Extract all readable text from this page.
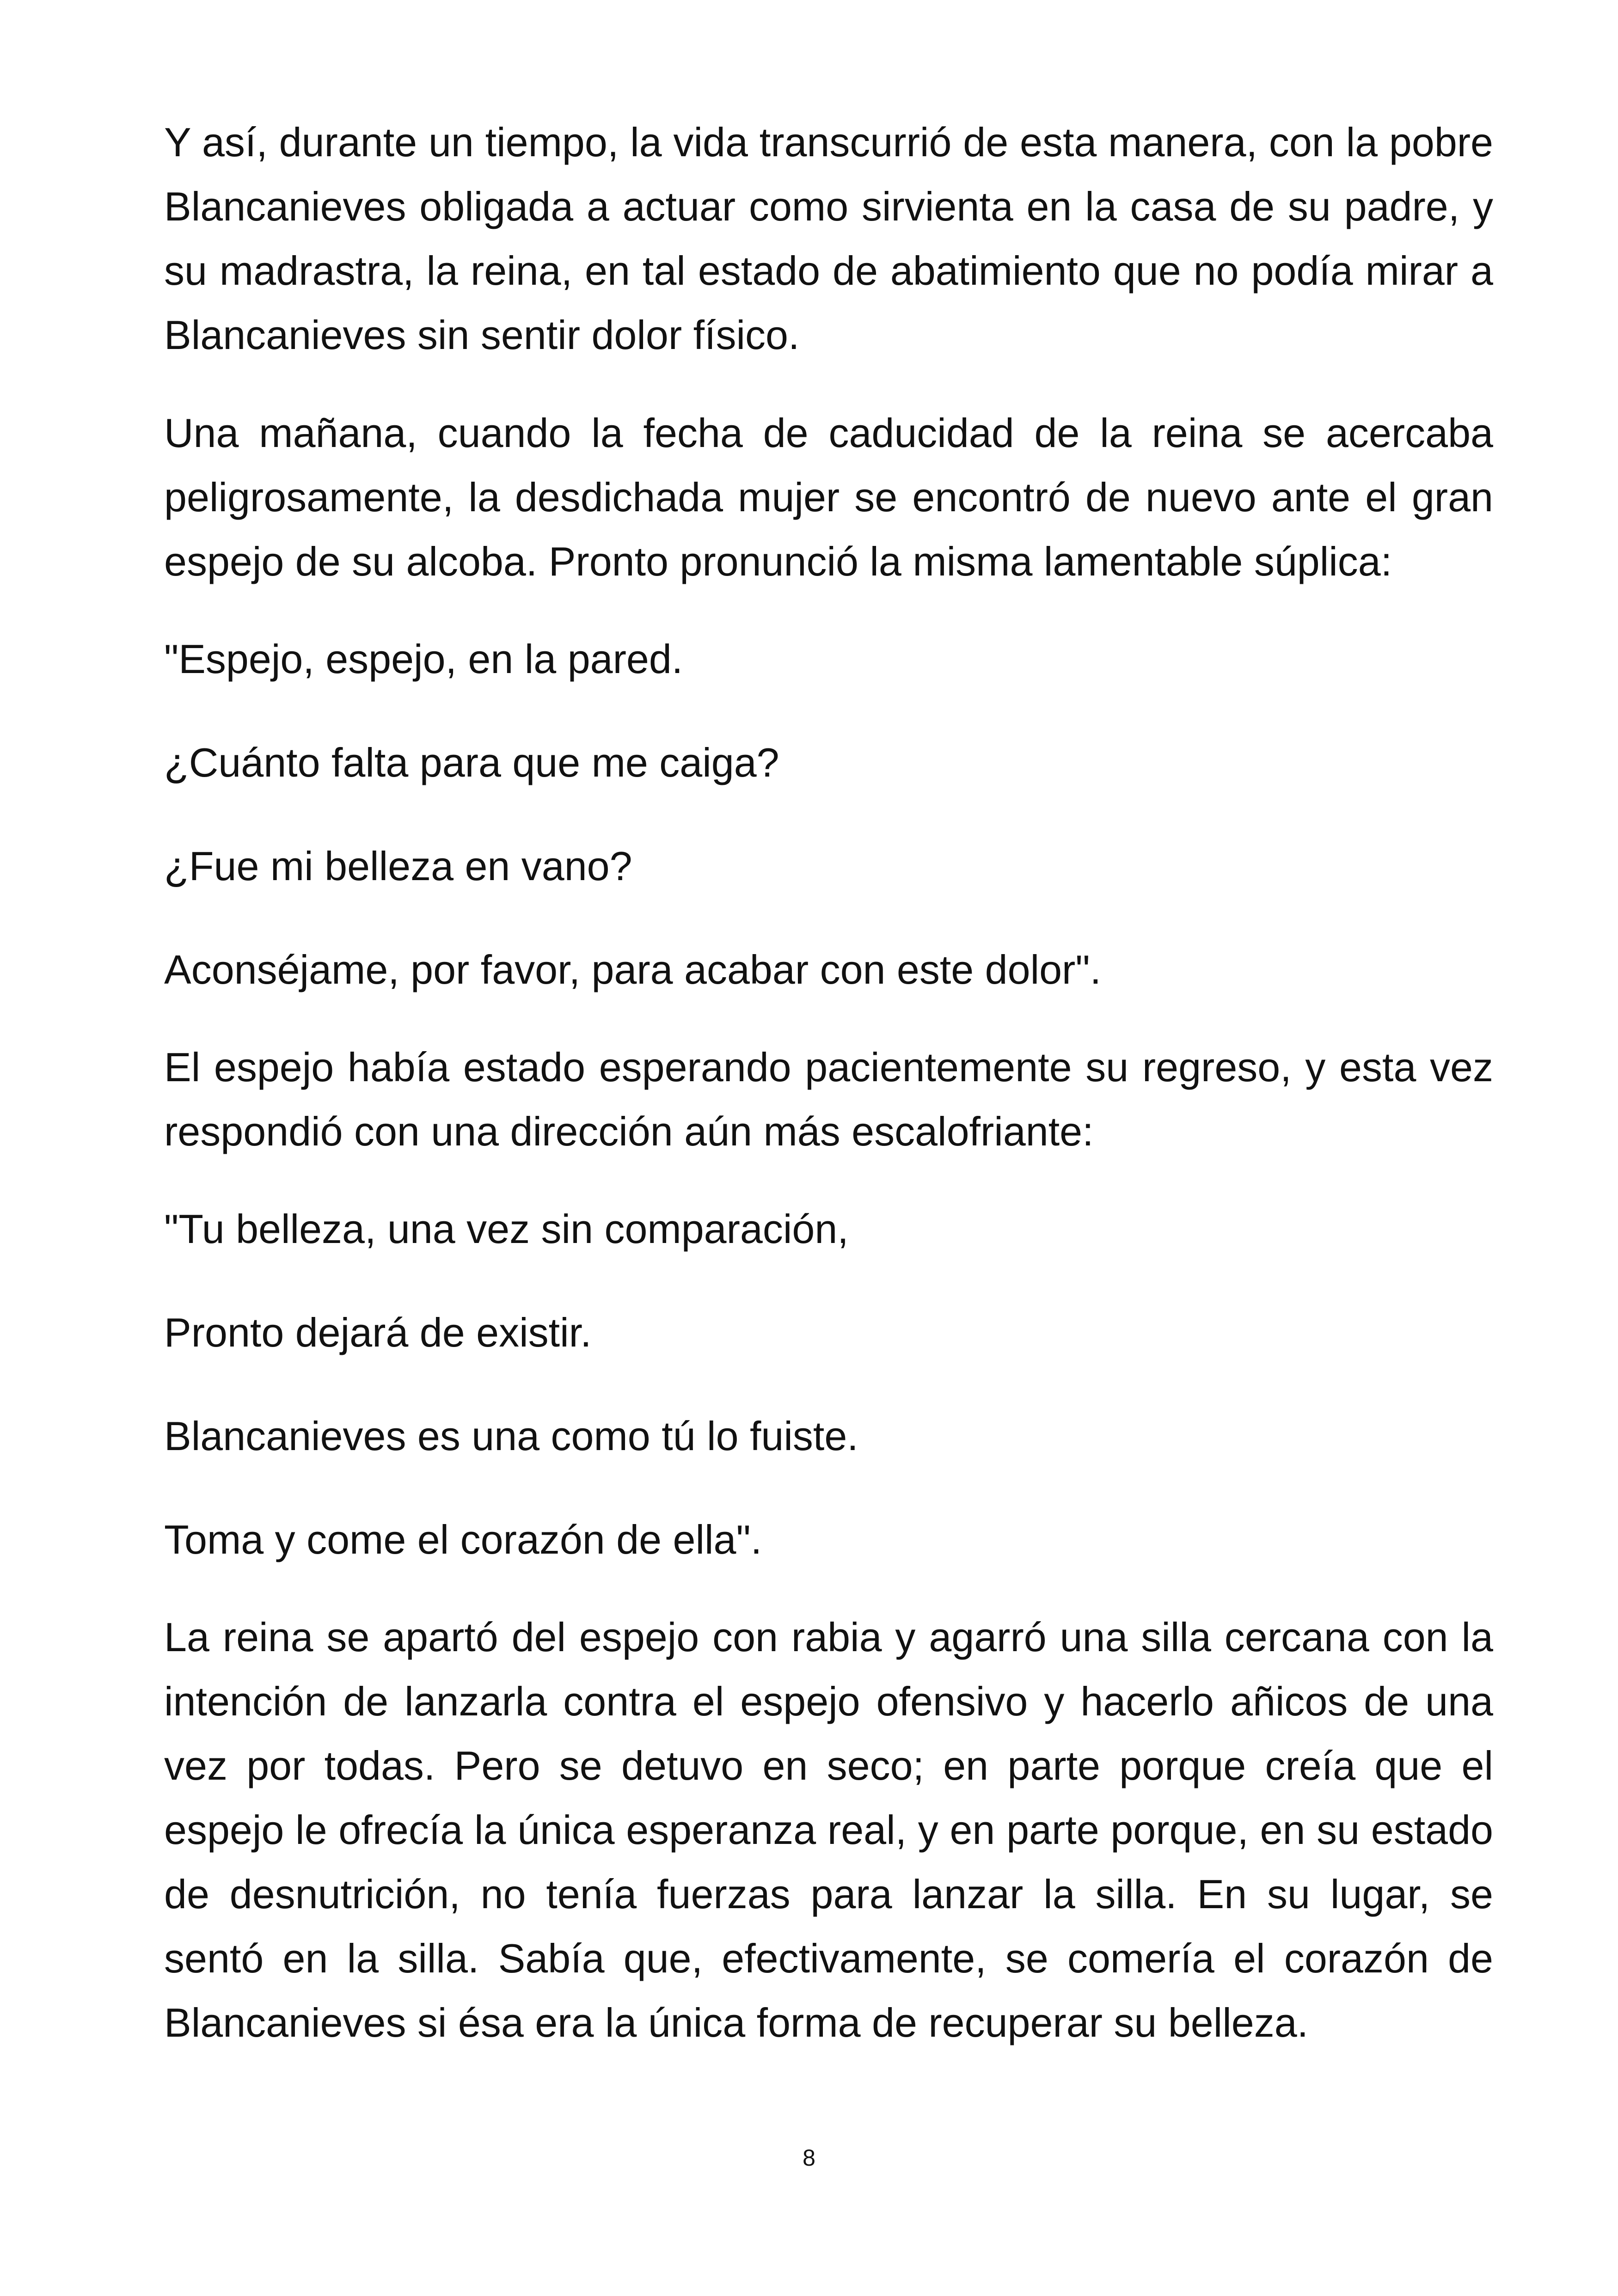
Y así, durante un tiempo, la vida transcurrió de esta manera, con la pobre Blancanieves obligada a actuar como sirvienta en la casa de su padre, y su madrastra, la reina, en tal estado de abatimiento que no podía mirar a Blancanieves sin sentir dolor físico.

Una mañana, cuando la fecha de caducidad de la reina se acercaba peligrosamente, la desdichada mujer se encontró de nuevo ante el gran espejo de su alcoba. Pronto pronunció la misma lamentable súplica:

"Espejo, espejo, en la pared.

¿Cuánto falta para que me caiga?

¿Fue mi belleza en vano?

Aconséjame, por favor, para acabar con este dolor".

El espejo había estado esperando pacientemente su regreso, y esta vez respondió con una dirección aún más escalofriante:

"Tu belleza, una vez sin comparación,

Pronto dejará de existir.

Blancanieves es una como tú lo fuiste.

Toma y come el corazón de ella".

La reina se apartó del espejo con rabia y agarró una silla cercana con la intención de lanzarla contra el espejo ofensivo y hacerlo añicos de una vez por todas. Pero se detuvo en seco; en parte porque creía que el espejo le ofrecía la única esperanza real, y en parte porque, en su estado de desnutrición, no tenía fuerzas para lanzar la silla. En su lugar, se sentó en la silla. Sabía que, efectivamente, se comería el corazón de Blancanieves si ésa era la única forma de recuperar su belleza.

8
